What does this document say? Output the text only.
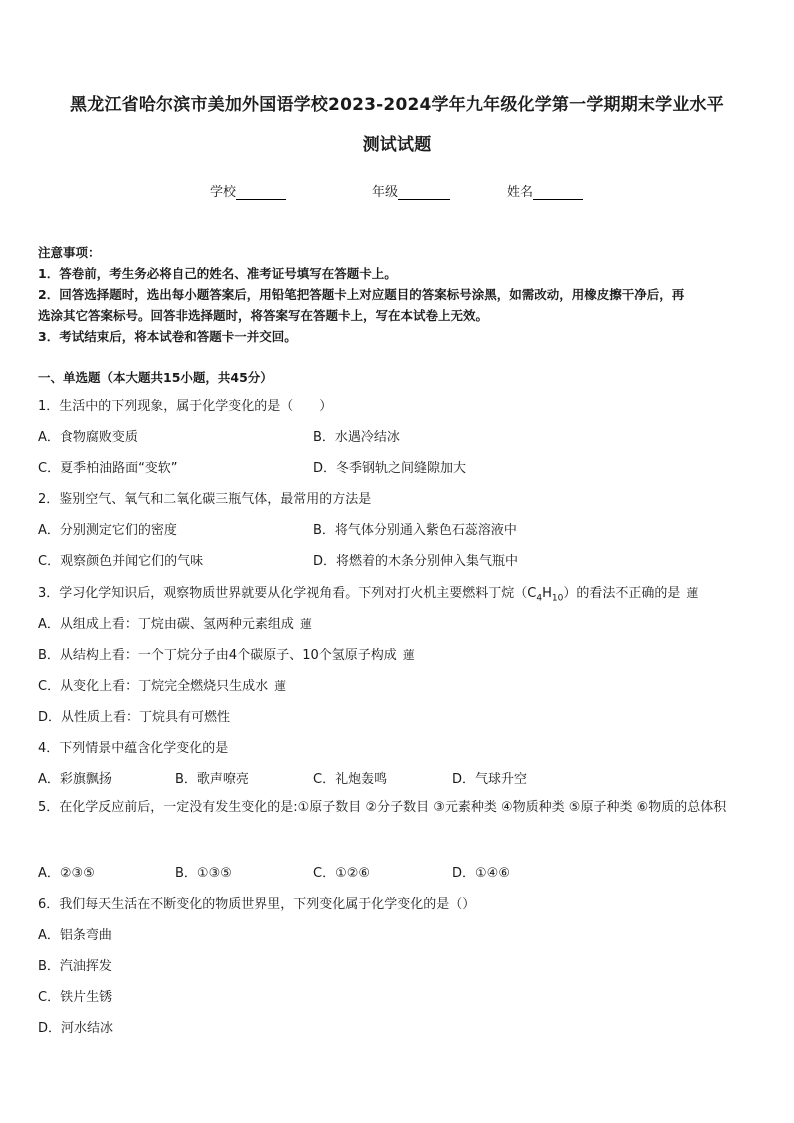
黑龙江省哈尔滨市美加外国语学校2023-2024学年九年级化学第一学期期末学业水平
测试试题
学校	年级	姓名
注意事项：
1．答卷前，考生务必将自己的姓名、准考证号填写在答题卡上。
2．回答选择题时，选出每小题答案后，用铅笔把答题卡上对应题目的答案标号涂黑，如需改动，用橡皮擦干净后，再
选涂其它答案标号。回答非选择题时，将答案写在答题卡上，写在本试卷上无效。
3．考试结束后，将本试卷和答题卡一并交回。
一、单选题（本大题共15小题，共45分）
1．生活中的下列现象，属于化学变化的是（　　）
A．食物腐败变质	B．水遇冷结冰
C．夏季柏油路面“变软”	D．冬季钢轨之间缝隙加大
2．鉴别空气、氧气和二氧化碳三瓶气体，最常用的方法是
A．分别测定它们的密度	B．将气体分别通入紫色石蕊溶液中
C．观察颜色并闻它们的气味	D．将燃着的木条分别伸入集气瓶中
3．学习化学知识后，观察物质世界就要从化学视角看。下列对打火机主要燃料丁烷$(C_4H_{10})$的看法不正确的是 蓮
A．从组成上看：丁烷由碳、氢两种元素组成 蓮
B．从结构上看：一个丁烷分子由4个碳原子、10个氢原子构成 蓮
C．从变化上看：丁烷完全燃烧只生成水 蓮
D．从性质上看：丁烷具有可燃性
4．下列情景中蕴含化学变化的是
A．彩旗飘扬	B．歌声嘹亮	C．礼炮轰鸣	D．气球升空
5．在化学反应前后，一定没有发生变化的是:①原子数目 ②分子数目 ③元素种类 ④物质种类 ⑤原子种类 ⑥物质的总体积
A．②③⑤	B．①③⑤	C．①②⑥	D．①④⑥
6．我们每天生活在不断变化的物质世界里，下列变化属于化学变化的是（）
A．铝条弯曲
B．汽油挥发
C．铁片生锈
D．河水结冰
